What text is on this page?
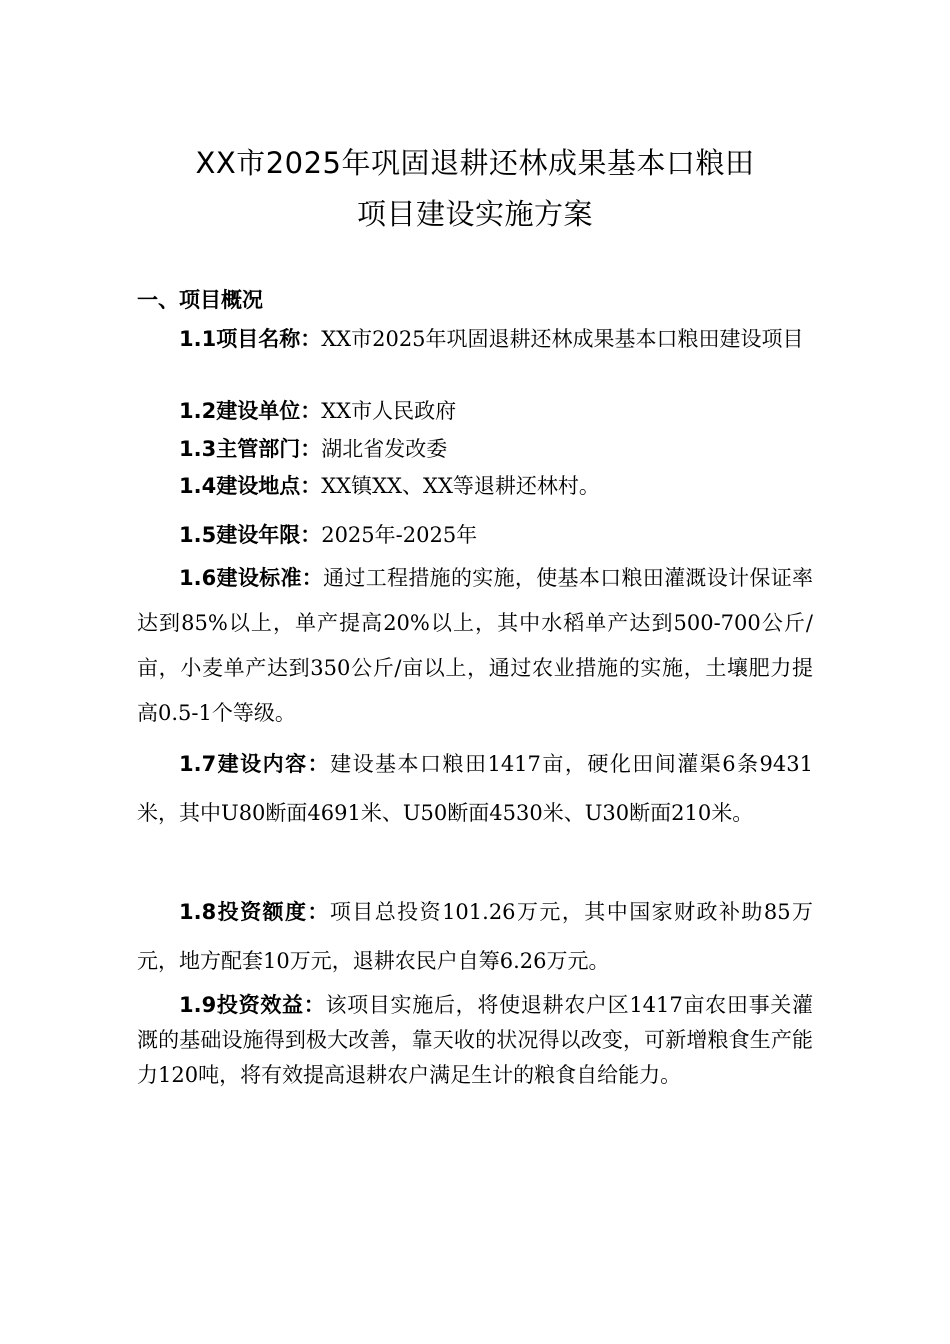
XX市2025年巩固退耕还林成果基本口粮田
项目建设实施方案
一、项目概况

1.1项目名称：XX市2025年巩固退耕还林成果基本口粮田建设项目

1.2建设单位：XX市人民政府

1.3主管部门：湖北省发改委

1.4建设地点：XX镇XX、XX等退耕还林村。

1.5建设年限：2025年-2025年

1.6建设标准：通过工程措施的实施，使基本口粮田灌溉设计保证率达到85%以上，单产提高20%以上，其中水稻单产达到500-700公斤/亩，小麦单产达到350公斤/亩以上，通过农业措施的实施，土壤肥力提高0.5-1个等级。

1.7建设内容：建设基本口粮田1417亩，硬化田间灌渠6条9431米，其中U80断面4691米、U50断面4530米、U30断面210米。

1.8投资额度：项目总投资101.26万元，其中国家财政补助85万元，地方配套10万元，退耕农民户自筹6.26万元。

1.9投资效益：该项目实施后，将使退耕农户区1417亩农田事关灌溉的基础设施得到极大改善，靠天收的状况得以改变，可新增粮食生产能力120吨，将有效提高退耕农户满足生计的粮食自给能力。
